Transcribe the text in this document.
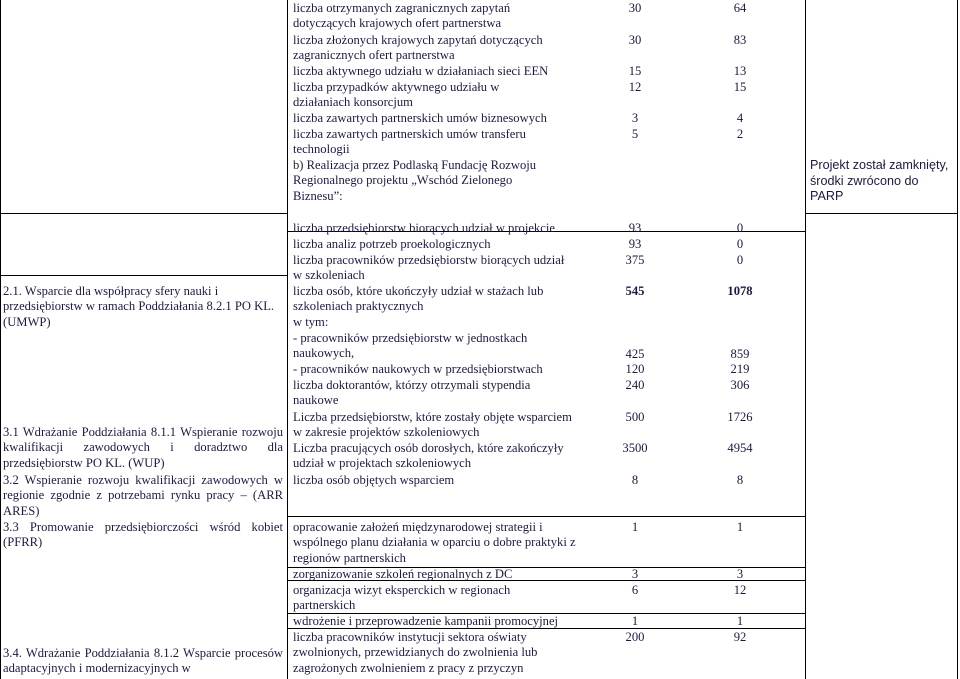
liczba otrzymanych zagranicznych zapytań dotyczących krajowych ofert partnerstwa
liczba złożonych krajowych zapytań dotyczących zagranicznych ofert partnerstwa
liczba aktywnego udziału w działaniach sieci EEN
liczba przypadków aktywnego udziału w działaniach konsorcjum
liczba zawartych partnerskich umów biznesowych
liczba zawartych partnerskich umów transferu technologii
b) Realizacja przez Podlaską Fundację Rozwoju Regionalnego projektu „Wschód Zielonego Biznesu”:
liczba przedsiębiorstw biorących udział w projekcie
liczba analiz potrzeb proekologicznych
liczba pracowników przedsiębiorstw biorących udział w szkoleniach
liczba osób, które ukończyły udział w stażach lub szkoleniach praktycznych
w tym:
- pracowników przedsiębiorstw w jednostkach naukowych,
- pracowników naukowych w przedsiębiorstwach
liczba doktorantów, którzy otrzymali stypendia naukowe
Liczba przedsiębiorstw, które zostały objęte wsparciem w zakresie projektów szkoleniowych
Liczba pracujących osób dorosłych, które zakończyły udział w projektach szkoleniowych
liczba osób objętych wsparciem
opracowanie założeń międzynarodowej strategii i wspólnego planu działania w oparciu o dobre praktyki z regionów partnerskich
zorganizowanie szkoleń regionalnych z DC
organizacja wizyt eksperckich w regionach partnerskich
wdrożenie i przeprowadzenie kampanii promocyjnej
liczba pracowników instytucji sektora oświaty zwolnionych, przewidzianych do zwolnienia lub zagrożonych zwolnieniem z pracy z przyczyn
30
30
15
12
3
5
93
93
375
545
425
120
240
500
3500
8
1
3
6
1
200
64
83
13
15
4
2
0
0
0
1078
859
219
306
1726
4954
8
1
3
12
1
92
Projekt został zamknięty, środki zwrócono do PARP
2.1. Wsparcie dla współpracy sfery nauki i przedsiębiorstw w ramach Poddziałania 8.2.1 PO KL. (UMWP)
3.1 Wdrażanie Poddziałania 8.1.1 Wspieranie rozwoju kwalifikacji zawodowych i doradztwo dla przedsiębiorstw PO KL. (WUP)
3.2 Wspieranie rozwoju kwalifikacji zawodowych w regionie zgodnie z potrzebami rynku pracy – (ARR ARES)
3.3 Promowanie przedsiębiorczości wśród kobiet (PFRR)
3.4. Wdrażanie Poddziałania 8.1.2 Wsparcie procesów adaptacyjnych i modernizacyjnych w
